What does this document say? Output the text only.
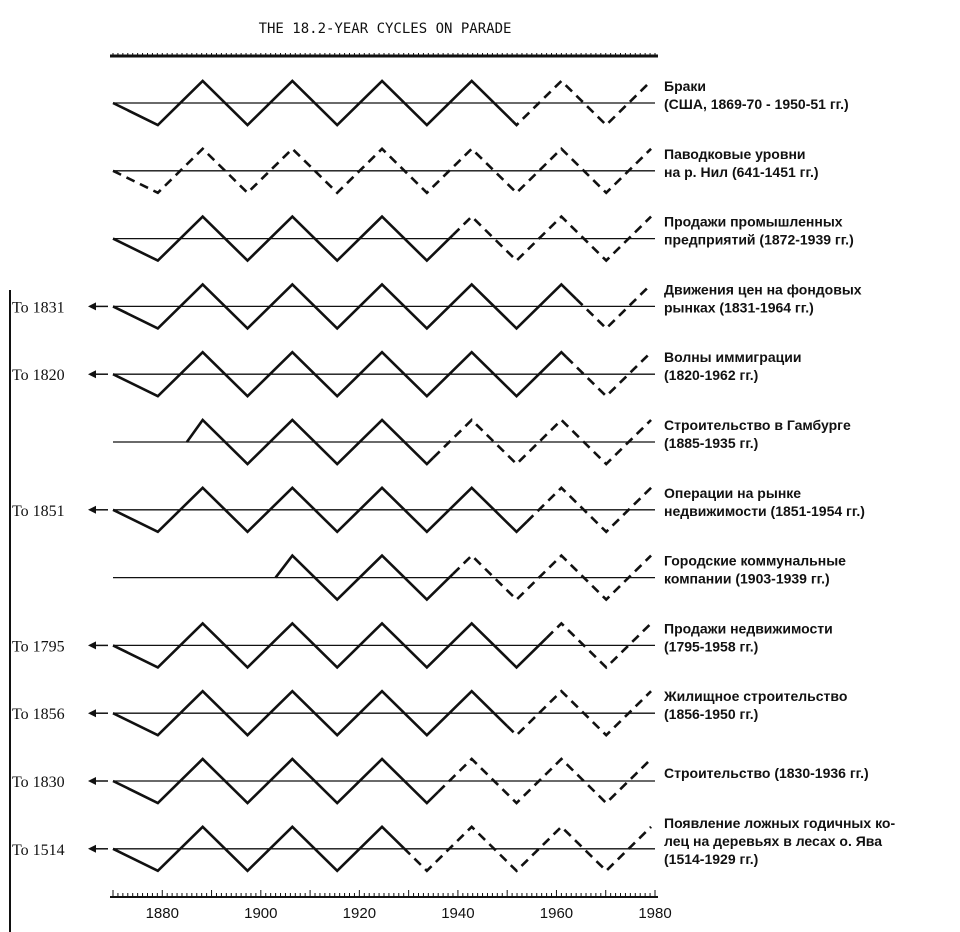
THE 18.2-YEAR CYCLES ON PARADE
1880	1900	1920	1940	1960	1980
Браки
(США, 1869-70 - 1950-51 гг.)
Паводковые уровни
на р. Нил (641-1451 гг.)
Продажи промышленных
предприятий (1872-1939 гг.)
Движения цен на фондовых
рынках (1831-1964 гг.)
To 1831
Волны иммиграции
(1820-1962 гг.)
To 1820
Строительство в Гамбурге
(1885-1935 гг.)
Операции на рынке
недвижимости (1851-1954 гг.)
To 1851
Городские коммунальные
компании (1903-1939 гг.)
Продажи недвижимости
(1795-1958 гг.)
To 1795
Жилищное строительство
(1856-1950 гг.)
To 1856
Строительство (1830-1936 гг.)
To 1830
Появление ложных годичных ко-
лец на деревьях в лесах о. Ява
(1514-1929 гг.)
To 1514
